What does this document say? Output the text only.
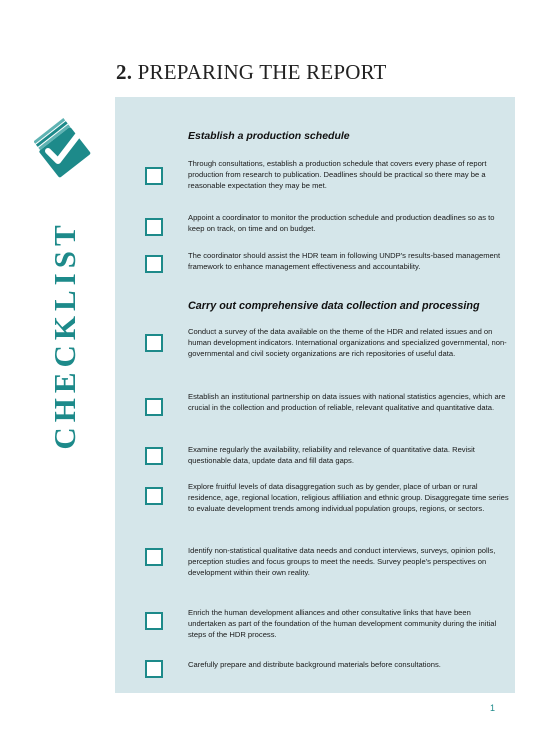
2. PREPARING THE REPORT
CHECKLIST
Establish a production schedule
Through consultations, establish a production schedule that covers every phase of report production from research to publication. Deadlines should be practical so there may be a reasonable expectation they may be met.
Appoint a coordinator to monitor the production schedule and production deadlines so as to keep on track, on time and on budget.
The coordinator should assist the HDR team in following UNDP's results-based management framework to enhance management effectiveness and accountability.
Carry out comprehensive data collection and processing
Conduct a survey of the data available on the theme of the HDR and related issues and on human development indicators. International organizations and specialized governmental, non-governmental and civil society organizations are rich repositories of useful data.
Establish an institutional partnership on data issues with national statistics agencies, which are crucial in the collection and production of reliable, relevant qualitative and quantitative data.
Examine regularly the availability, reliability and relevance of quantitative data. Revisit questionable data, update data and fill data gaps.
Explore fruitful levels of data disaggregation such as by gender, place of urban or rural residence, age, regional location, religious affiliation and ethnic group. Disaggregate time series to evaluate development trends among individual population groups, regions, or sectors.
Identify non-statistical qualitative data needs and conduct interviews, surveys, opinion polls, perception studies and focus groups to meet the needs. Survey people's perspectives on development within their own reality.
Enrich the human development alliances and other consultative links that have been undertaken as part of the foundation of the human development community during the initial steps of the HDR process.
Carefully prepare and distribute background materials before consultations.
1
